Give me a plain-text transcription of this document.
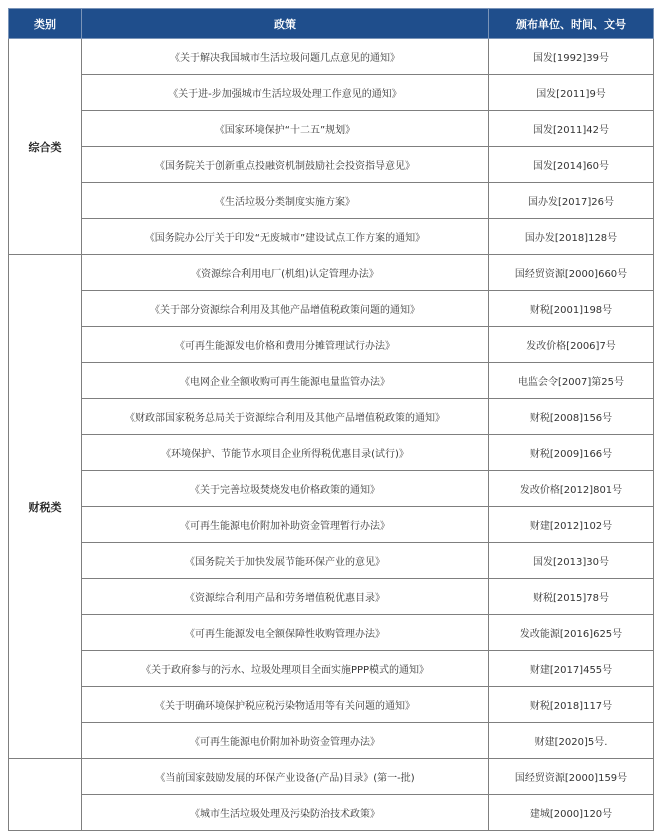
类别	政策	颁布单位、时间、文号
综合类	《关于解决我国城市生活垃圾问题几点意见的通知》	国发[1992]39号
	《关于进-步加强城市生活垃圾处理工作意见的通知》	国发[2011]9号
	《国家环境保护“十二五”规划》	国发[2011]42号
	《国务院关于创新重点投融资机制鼓励社会投资指导意见》	国发[2014]60号
	《生活垃圾分类制度实施方案》	国办发[2017]26号
	《国务院办公厅关于印发“无废城市”建设试点工作方案的通知》	国办发[2018]128号
财税类	《资源综合利用电厂(机组)认定管理办法》	国经贸资源[2000]660号
	《关于部分资源综合利用及其他产品增值税政策问题的通知》	财税[2001]198号
	《可再生能源发电价格和费用分摊管理试行办法》	发改价格[2006]7号
	《电网企业全额收购可再生能源电量监管办法》	电监会令[2007]第25号
	《财政部国家税务总局关于资源综合利用及其他产品增值税政策的通知》	财税[2008]156号
	《环境保护、节能节水项目企业所得税优惠目录(试行)》	财税[2009]166号
	《关于完善垃圾焚烧发电价格政策的通知》	发改价格[2012]801号
	《可再生能源电价附加补助资金管理暂行办法》	财建[2012]102号
	《国务院关于加快发展节能环保产业的意见》	国发[2013]30号
	《资源综合利用产品和劳务增值税优惠目录》	财税[2015]78号
	《可再生能源发电全额保障性收购管理办法》	发改能源[2016]625号
	《关于政府参与的污水、垃圾处理项目全面实施PPP模式的通知》	财建[2017]455号
	《关于明确环境保护税应税污染物适用等有关问题的通知》	财税[2018]117号
	《可再生能源电价附加补助资金管理办法》	财建[2020]5号.
	《当前国家鼓励发展的环保产业设备(产品)目录》(第一-批)	国经贸资源[2000]159号
	《城市生活垃圾处理及污染防治技术政策》	建城[2000]120号
